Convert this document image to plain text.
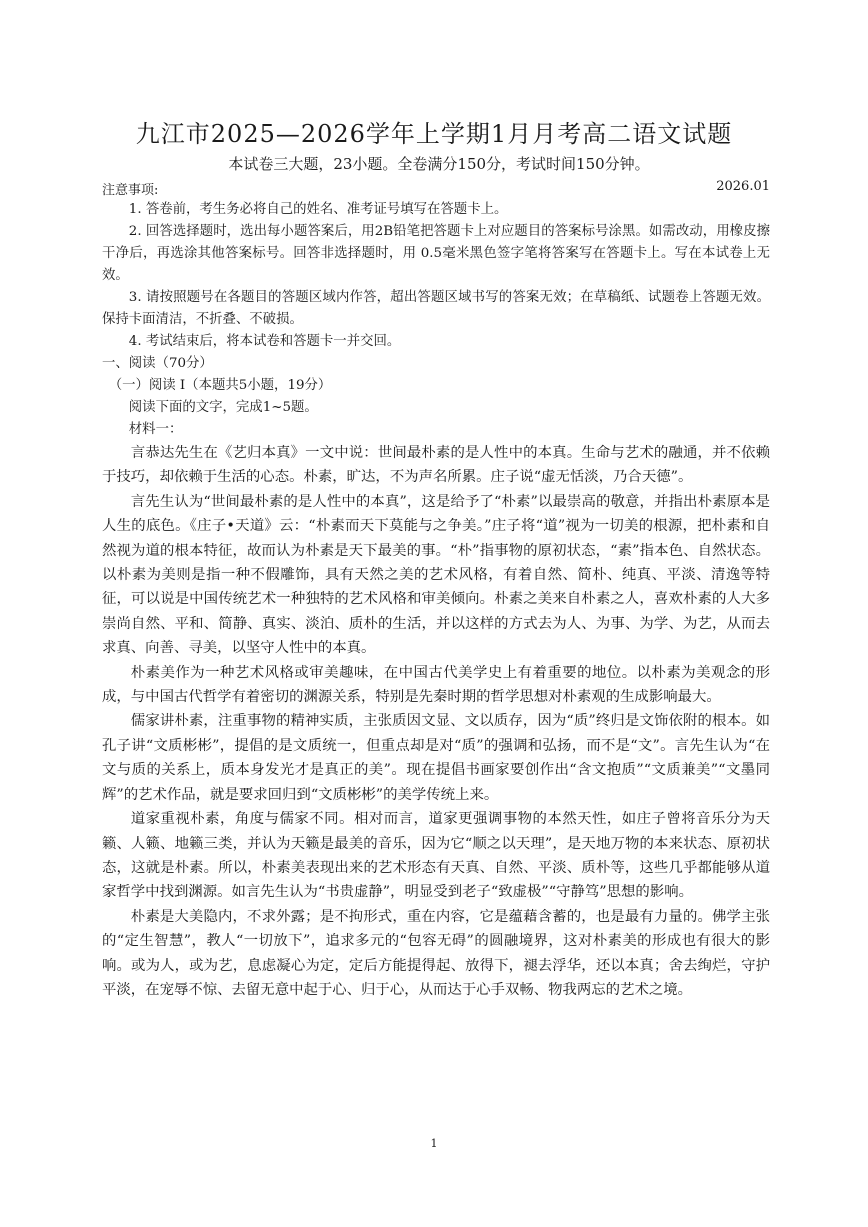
九江市2025—2026学年上学期1月月考高二语文试题
本试卷三大题，23小题。全卷满分150分，考试时间150分钟。
注意事项:	2026.01

1. 答卷前，考生务必将自己的姓名、准考证号填写在答题卡上。

2. 回答选择题时，选出每小题答案后，用2B铅笔把答题卡上对应题目的答案标号涂黑。如需改动，用橡皮擦干净后，再选涂其他答案标号。回答非选择题时，用 0.5毫米黑色签字笔将答案写在答题卡上。写在本试卷上无效。

3. 请按照题号在各题目的答题区域内作答，超出答题区域书写的答案无效；在草稿纸、试题卷上答题无效。保持卡面清洁，不折叠、不破损。

4. 考试结束后，将本试卷和答题卡一并交回。

一、阅读（70分）

（一）阅读 I（本题共5小题，19分）

阅读下面的文字，完成1~5题。

材料一：

言恭达先生在《艺归本真》一文中说：世间最朴素的是人性中的本真。生命与艺术的融通，并不依赖于技巧，却依赖于生活的心态。朴素，旷达，不为声名所累。庄子说“虚无恬淡，乃合天德”。

言先生认为“世间最朴素的是人性中的本真”，这是给予了“朴素”以最崇高的敬意，并指出朴素原本是人生的底色。《庄子•天道》云：“朴素而天下莫能与之争美。”庄子将“道”视为一切美的根源，把朴素和自然视为道的根本特征，故而认为朴素是天下最美的事。“朴”指事物的原初状态，“素”指本色、自然状态。以朴素为美则是指一种不假雕饰，具有天然之美的艺术风格，有着自然、简朴、纯真、平淡、清逸等特征，可以说是中国传统艺术一种独特的艺术风格和审美倾向。朴素之美来自朴素之人，喜欢朴素的人大多崇尚自然、平和、简静、真实、淡泊、质朴的生活，并以这样的方式去为人、为事、为学、为艺，从而去求真、向善、寻美，以坚守人性中的本真。

朴素美作为一种艺术风格或审美趣味，在中国古代美学史上有着重要的地位。以朴素为美观念的形成，与中国古代哲学有着密切的渊源关系，特别是先秦时期的哲学思想对朴素观的生成影响最大。

儒家讲朴素，注重事物的精神实质，主张质因文显、文以质存，因为“质”终归是文饰依附的根本。如孔子讲“文质彬彬”，提倡的是文质统一，但重点却是对“质”的强调和弘扬，而不是“文”。言先生认为“在文与质的关系上，质本身发光才是真正的美”。现在提倡书画家要创作出“含文抱质”“文质兼美”“文墨同辉”的艺术作品，就是要求回归到“文质彬彬”的美学传统上来。

道家重视朴素，角度与儒家不同。相对而言，道家更强调事物的本然天性，如庄子曾将音乐分为天籁、人籁、地籁三类，并认为天籁是最美的音乐，因为它“顺之以天理”，是天地万物的本来状态、原初状态，这就是朴素。所以，朴素美表现出来的艺术形态有天真、自然、平淡、质朴等，这些几乎都能够从道家哲学中找到渊源。如言先生认为“书贵虚静”，明显受到老子“致虚极”“守静笃”思想的影响。

朴素是大美隐内，不求外露；是不拘形式，重在内容，它是蕴藉含蓄的，也是最有力量的。佛学主张的“定生智慧”，教人“一切放下”，追求多元的“包容无碍”的圆融境界，这对朴素美的形成也有很大的影响。或为人，或为艺，息虑凝心为定，定后方能提得起、放得下，褪去浮华，还以本真；舍去绚烂，守护平淡，在宠辱不惊、去留无意中起于心、归于心，从而达于心手双畅、物我两忘的艺术之境。

1
